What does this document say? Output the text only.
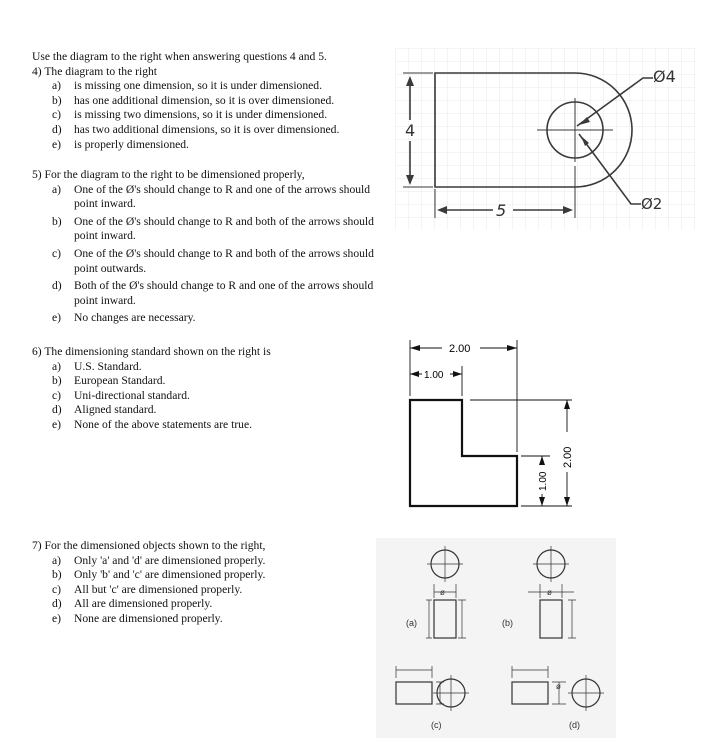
Use the diagram to the right when answering questions 4 and 5.

4) The diagram to the right

a)	is missing one dimension, so it is under dimensioned.
b)	has one additional dimension, so it is over dimensioned.
c)	is missing two dimensions, so it is under dimensioned.
d)	has two additional dimensions, so it is over dimensioned.
e)	is properly dimensioned.

5) For the diagram to the right to be dimensioned properly,

a)	One of the Ø's should change to R and one of the arrows should point inward.
b)	One of the Ø's should change to R and both of the arrows should point inward.
c)	One of the Ø's should change to R and both of the arrows should point outwards.
d)	Both of the Ø's should change to R and one of the arrows should point inward.
e)	No changes are necessary.

6) The dimensioning standard shown on the right is

a)	U.S. Standard.
b)	European Standard.
c)	Uni-directional standard.
d)	Aligned standard.
e)	None of the above statements are true.

7) For the dimensioned objects shown to the right,

a)	Only 'a' and 'd' are dimensioned properly.
b)	Only 'b' and 'c' are dimensioned properly.
c)	All but 'c' are dimensioned properly.
d)	All are dimensioned properly.
e)	None are dimensioned properly.
4
5
Ø4
Ø2
2.00
1.00
1.00
2.00
ø	ø
ø
(a)	(b)
(c)	(d)
